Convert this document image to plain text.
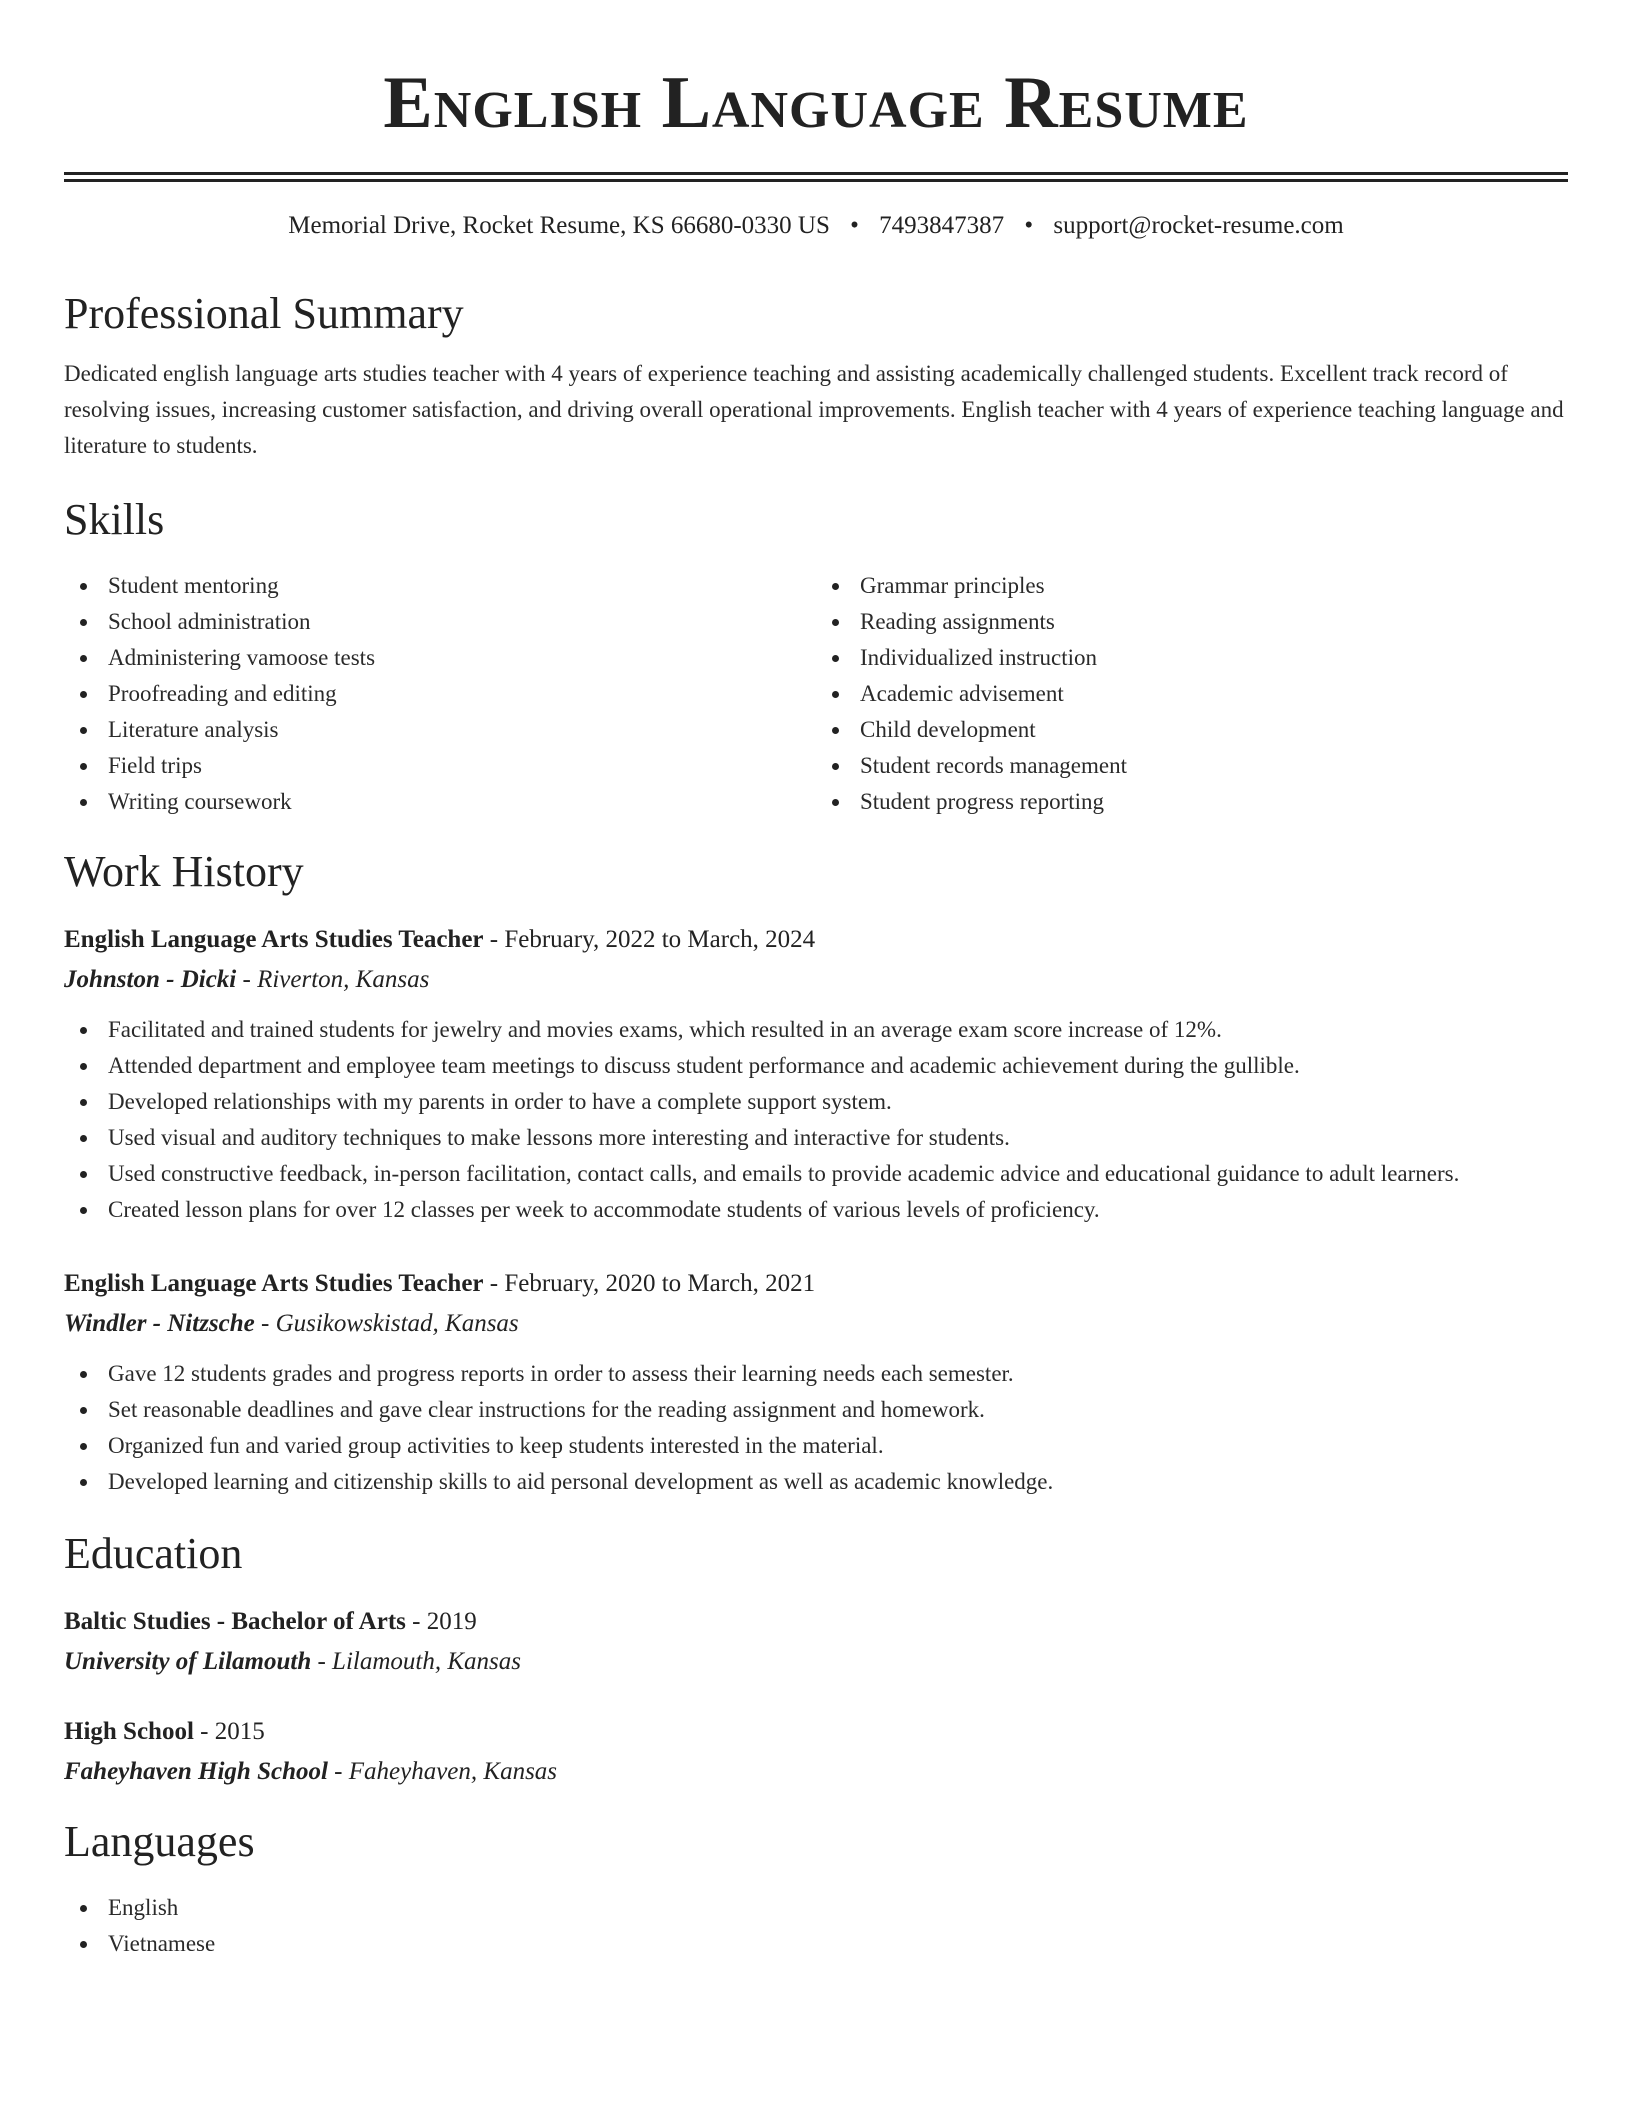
English Language Resume
Memorial Drive, Rocket Resume, KS 66680-0330 US • 7493847387 • support@rocket-resume.com
Professional Summary

Dedicated english language arts studies teacher with 4 years of experience teaching and assisting academically challenged students. Excellent track record of resolving issues, increasing customer satisfaction, and driving overall operational improvements. English teacher with 4 years of experience teaching language and literature to students.

Skills
Student mentoring
School administration
Administering vamoose tests
Proofreading and editing
Literature analysis
Field trips
Writing coursework
Grammar principles
Reading assignments
Individualized instruction
Academic advisement
Child development
Student records management
Student progress reporting
Work History
English Language Arts Studies Teacher - February, 2022 to March, 2024
Johnston - Dicki - Riverton, Kansas
Facilitated and trained students for jewelry and movies exams, which resulted in an average exam score increase of 12%.
Attended department and employee team meetings to discuss student performance and academic achievement during the gullible.
Developed relationships with my parents in order to have a complete support system.
Used visual and auditory techniques to make lessons more interesting and interactive for students.
Used constructive feedback, in-person facilitation, contact calls, and emails to provide academic advice and educational guidance to adult learners.
Created lesson plans for over 12 classes per week to accommodate students of various levels of proficiency.
English Language Arts Studies Teacher - February, 2020 to March, 2021
Windler - Nitzsche - Gusikowskistad, Kansas
Gave 12 students grades and progress reports in order to assess their learning needs each semester.
Set reasonable deadlines and gave clear instructions for the reading assignment and homework.
Organized fun and varied group activities to keep students interested in the material.
Developed learning and citizenship skills to aid personal development as well as academic knowledge.
Education
Baltic Studies - Bachelor of Arts - 2019
University of Lilamouth - Lilamouth, Kansas
High School - 2015
Faheyhaven High School - Faheyhaven, Kansas
Languages
English
Vietnamese
